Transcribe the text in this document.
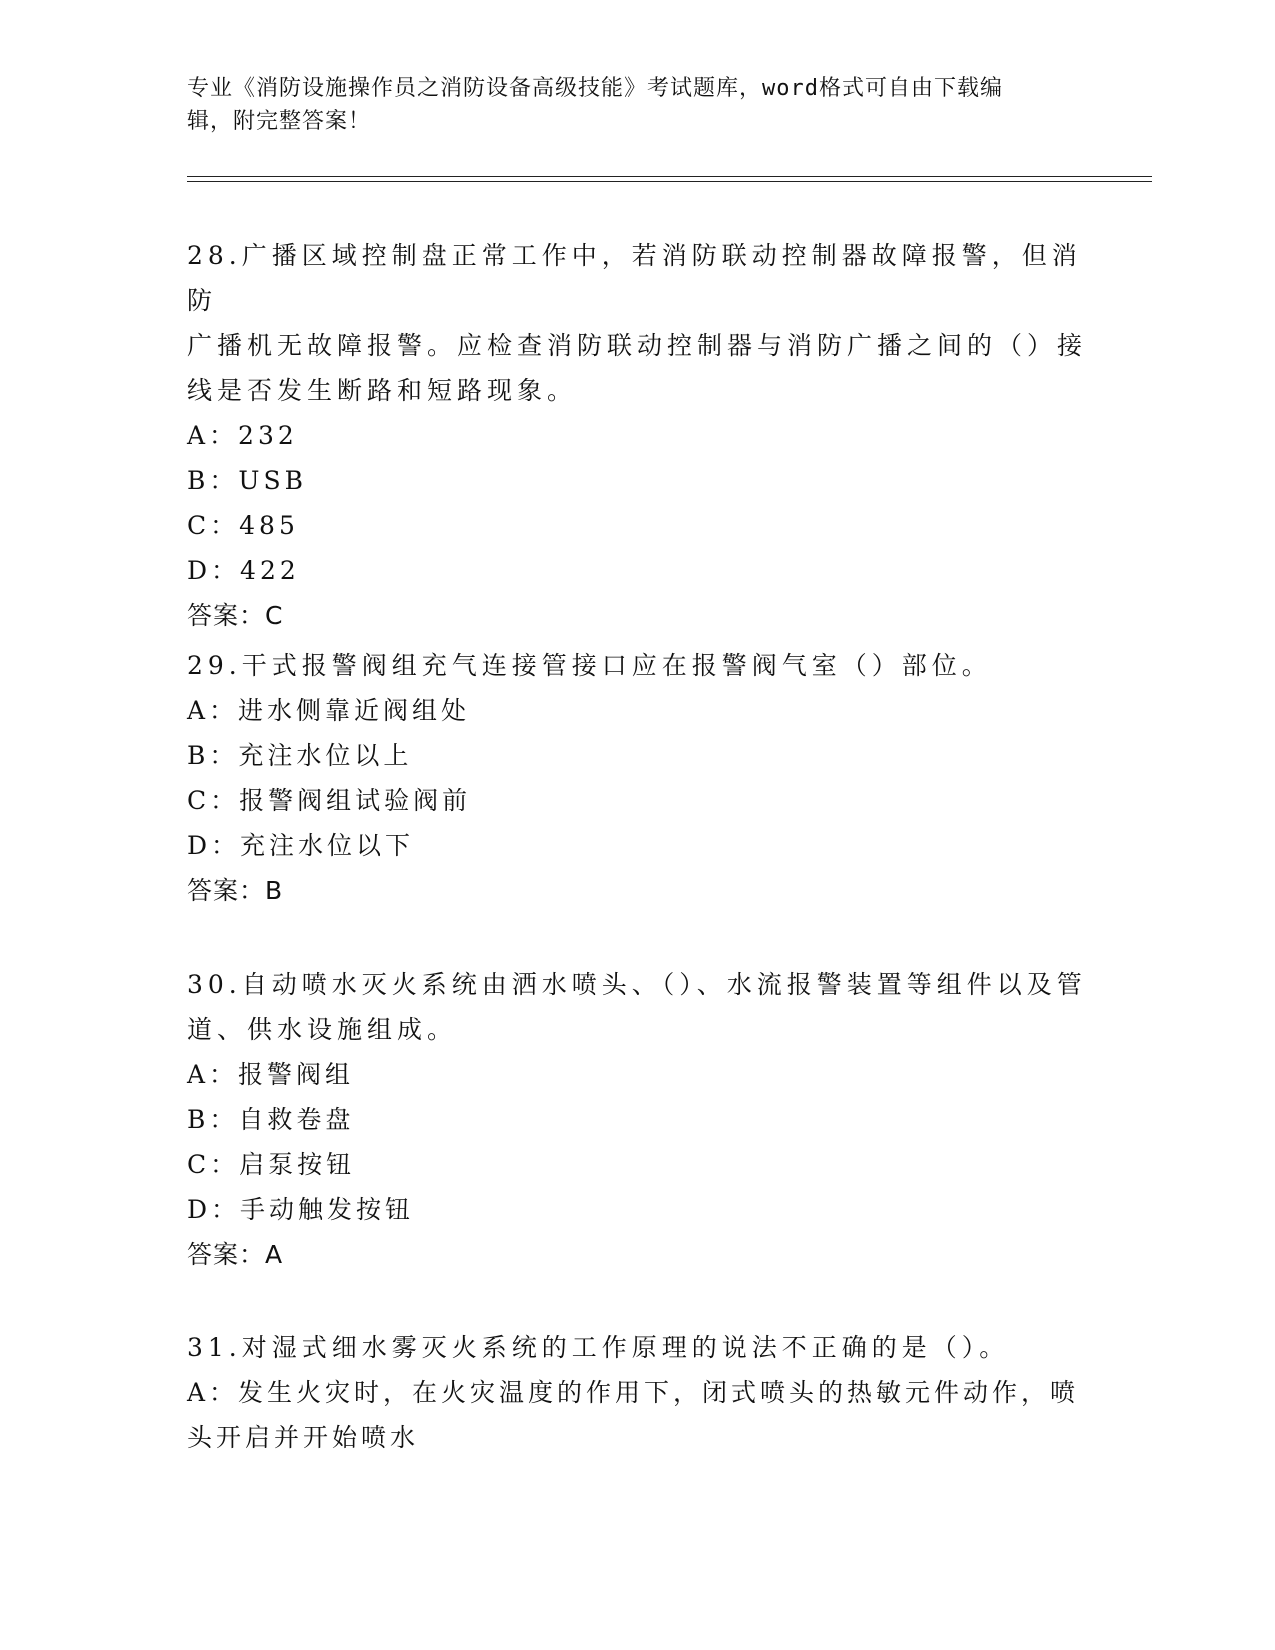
专业《消防设施操作员之消防设备高级技能》考试题库，word格式可自由下载编
辑，附完整答案！

28.广播区域控制盘正常工作中，若消防联动控制器故障报警，但消防

广播机无故障报警。应检查消防联动控制器与消防广播之间的（）接

线是否发生断路和短路现象。

A：232

B：USB

C：485

D：422

答案：C

29.干式报警阀组充气连接管接口应在报警阀气室（）部位。

A：进水侧靠近阀组处

B：充注水位以上

C：报警阀组试验阀前

D：充注水位以下

答案：B

30.自动喷水灭火系统由洒水喷头、（）、水流报警装置等组件以及管

道、供水设施组成。

A：报警阀组

B：自救卷盘

C：启泵按钮

D：手动触发按钮

答案：A

31.对湿式细水雾灭火系统的工作原理的说法不正确的是（）。

A：发生火灾时，在火灾温度的作用下，闭式喷头的热敏元件动作，喷

头开启并开始喷水
